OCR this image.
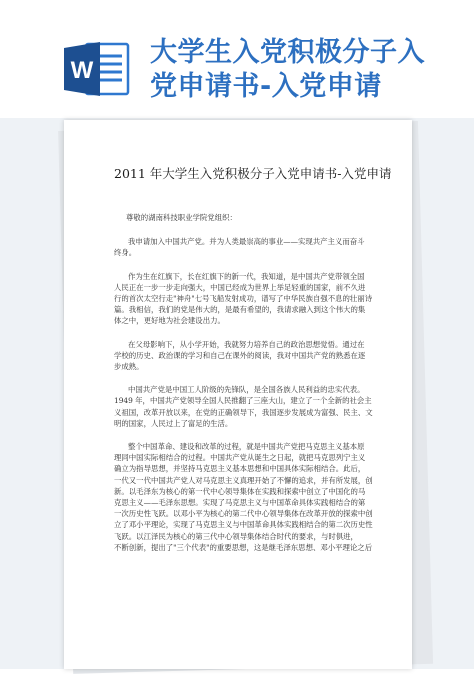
W
大学生入党积极分子入
党申请书-入党申请
2011 年大学生入党积极分子入党申请书-入党申请
尊敬的湖南科技职业学院党组织：
我申请加入中国共产党。并为人类最崇高的事业——实现共产主义而奋斗
终身。
作为生在红旗下，长在红旗下的新一代，我知道，是中国共产党带领全国
人民正在一步一步走向强大，中国已经成为世界上举足轻重的国家，前不久进
行的首次太空行走"神舟"七号飞船发射成功，谱写了中华民族自强不息的壮丽诗
篇。我相信，我们的党是伟大的，是最有希望的，我请求融入到这个伟大的集
体之中，更好地为社会建设出力。
在父母影响下，从小学开始，我就努力培养自己的政治思想觉悟。通过在
学校的历史、政治课的学习和自己在课外的阅读，我对中国共产党的熟悉在逐
步成熟。
中国共产党是中国工人阶级的先锋队，是全国各族人民利益的忠实代表。
1949 年，中国共产党领导全国人民推翻了三座大山，建立了一个全新的社会主
义祖国，改革开放以来，在党的正确领导下，我国逐步发展成为富强、民主、文
明的国家，人民过上了富足的生活。
整个中国革命、建设和改革的过程，就是中国共产党把马克思主义基本原
理同中国实际相结合的过程。中国共产党从诞生之日起，就把马克思列宁主义
确立为指导思想，并坚持马克思主义基本思想和中国具体实际相结合。此后，
一代又一代中国共产党人对马克思主义真理开始了不懈的追求，并有所发展，创
新。以毛泽东为核心的第一代中心领导集体在实践和探索中创立了中国化的马
克思主义——毛泽东思想。实现了马克思主义与中国革命具体实践相结合的第
一次历史性飞跃。以邓小平为核心的第二代中心领导集体在改革开放的探索中创
立了邓小平理论，实现了马克思主义与中国革命具体实践相结合的第二次历史性
飞跃。以江泽民为核心的第三代中心领导集体结合时代的要求，与时俱进，
不断创新，提出了"三个代表"的重要思想，这是继毛泽东思想、邓小平理论之后
